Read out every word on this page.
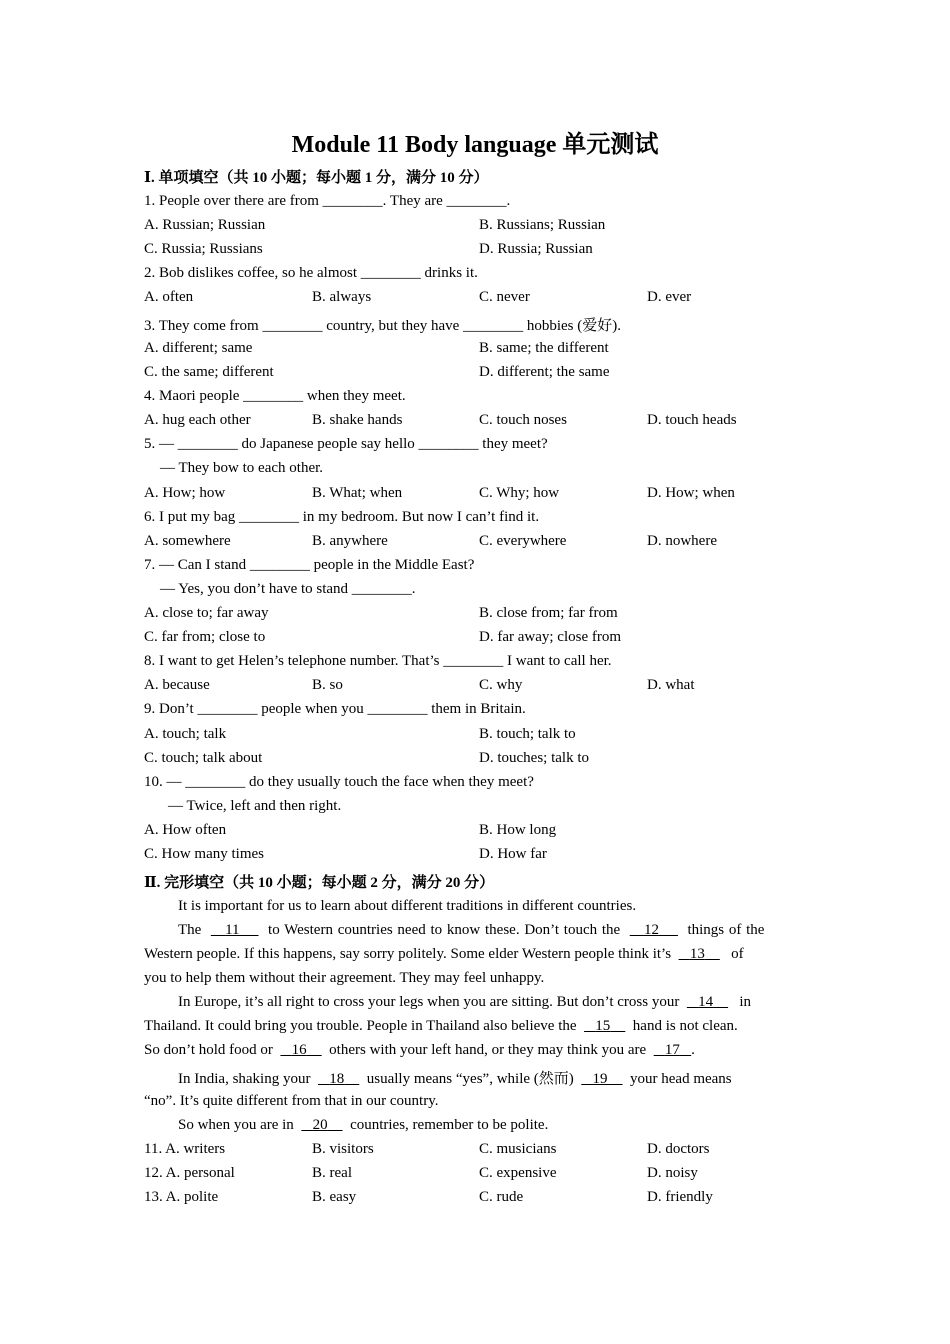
Module 11 Body language 单元测试
Ⅰ. 单项填空（共 10 小题；每小题 1 分，满分 10 分）
1. People over there are from ________. They are ________.
A. Russian; Russian	B. Russians; Russian
C. Russia; Russians	D. Russia; Russian
2. Bob dislikes coffee, so he almost ________ drinks it.
A. often	B. always	C. never	D. ever
3. They come from ________ country, but they have ________ hobbies (爱好).
A. different; same	B. same; the different
C. the same; different	D. different; the same
4. Maori people ________ when they meet.
A. hug each other	B. shake hands	C. touch noses	D. touch heads
5. — ________ do Japanese people say hello ________ they meet?
— They bow to each other.
A. How; how	B. What; when	C. Why; how	D. How; when
6. I put my bag ________ in my bedroom. But now I can’t find it.
A. somewhere	B. anywhere	C. everywhere	D. nowhere
7. — Can I stand ________ people in the Middle East?
— Yes, you don’t have to stand ________.
A. close to; far away	B. close from; far from
C. far from; close to	D. far away; close from
8. I want to get Helen’s telephone number. That’s ________ I want to call her.
A. because	B. so	C. why	D. what
9. Don’t ________ people when you ________ them in Britain.
A. touch; talk	B. touch; talk to
C. touch; talk about	D. touches; talk to
10. — ________ do they usually touch the face when they meet?
— Twice, left and then right.
A. How often	B. How long
C. How many times	D. How far
Ⅱ. 完形填空（共 10 小题；每小题 2 分，满分 20 分）
It is important for us to learn about different traditions in different countries.
The 11 to Western countries need to know these. Don’t touch the 12 things of the
Western people. If this happens, say sorry politely. Some elder Western people think it’s 13 of
you to help them without their agreement. They may feel unhappy.
In Europe, it’s all right to cross your legs when you are sitting. But don’t cross your 14 in
Thailand. It could bring you trouble. People in Thailand also believe the 15 hand is not clean.
So don’t hold food or 16 others with your left hand, or they may think you are 17 .
In India, shaking your 18 usually means “yes”, while (然而) 19 your head means
“no”. It’s quite different from that in our country.
So when you are in 20 countries, remember to be polite.
11. A. writers	B. visitors	C. musicians	D. doctors
12. A. personal	B. real	C. expensive	D. noisy
13. A. polite	B. easy	C. rude	D. friendly
